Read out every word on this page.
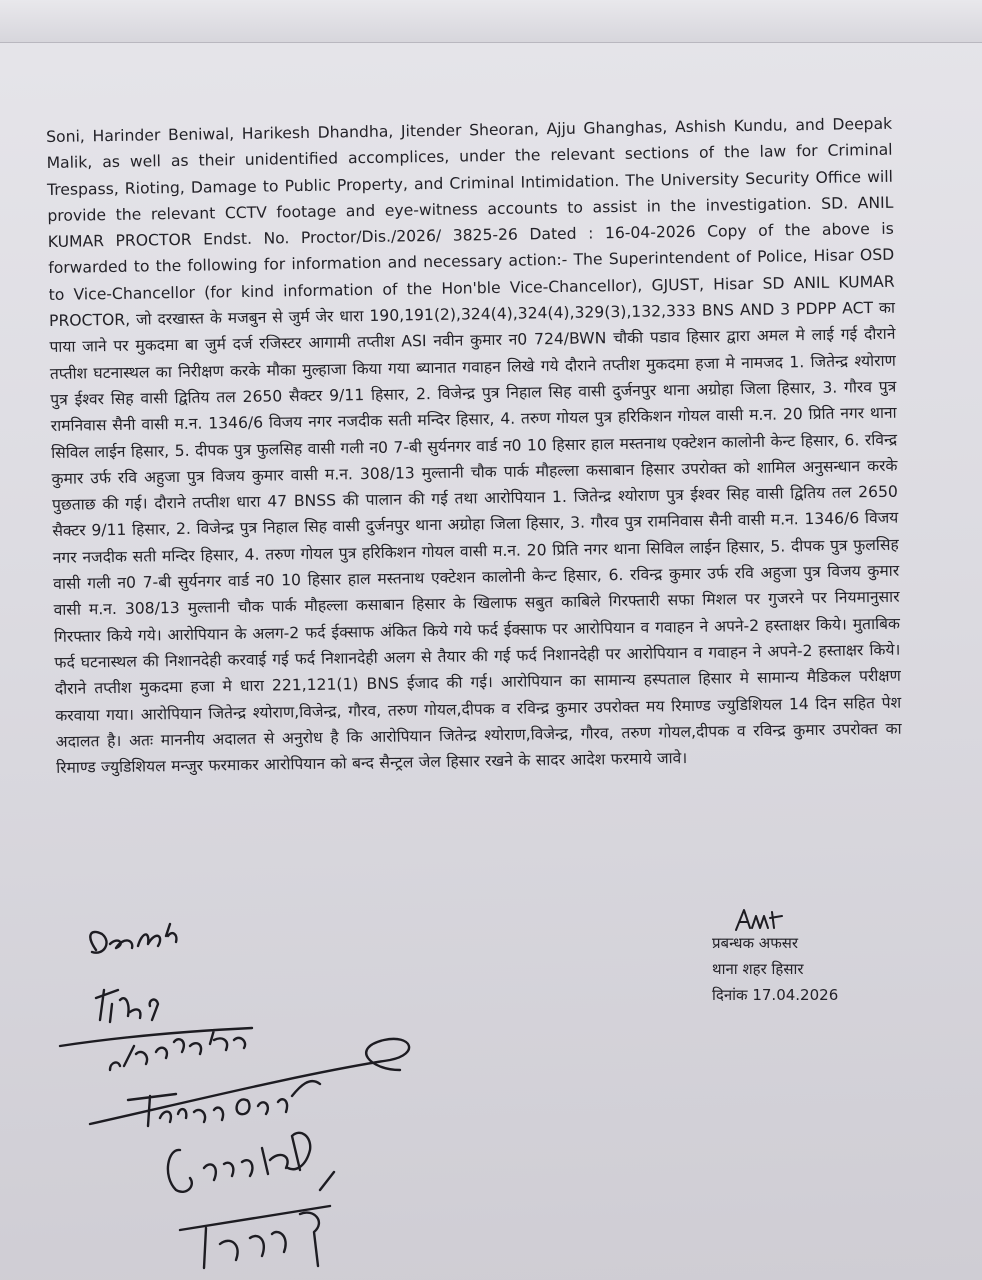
Soni, Harinder Beniwal, Harikesh Dhandha, Jitender Sheoran, Ajju Ghanghas, Ashish Kundu, and Deepak Malik, as well as their unidentified accomplices, under the relevant sections of the law for Criminal Trespass, Rioting, Damage to Public Property, and Criminal Intimidation. The University Security Office will provide the relevant CCTV footage and eye-witness accounts to assist in the investigation. SD. ANIL KUMAR PROCTOR Endst. No. Proctor/Dis./2026/ 3825-26 Dated : 16-04-2026 Copy of the above is forwarded to the following for information and necessary action:- The Superintendent of Police, Hisar OSD to Vice-Chancellor (for kind information of the Hon'ble Vice-Chancellor), GJUST, Hisar SD ANIL KUMAR PROCTOR, जो दरखास्त के मजबुन से जुर्म जेर धारा 190,191(2),324(4),324(4),329(3),132,333 BNS AND 3 PDPP ACT का पाया जाने पर मुकदमा बा जुर्म दर्ज रजिस्टर आगामी तप्तीश ASI नवीन कुमार न0 724/BWN चौकी पडाव हिसार द्वारा अमल मे लाई गई दौराने तप्तीश घटनास्थल का निरीक्षण करके मौका मुल्हाजा किया गया ब्यानात गवाहन लिखे गये दौराने तप्तीश मुकदमा हजा मे नामजद 1. जितेन्द्र श्योराण पुत्र ईश्वर सिह वासी द्वितिय तल 2650 सैक्टर 9/11 हिसार, 2. विजेन्द्र पुत्र निहाल सिह वासी दुर्जनपुर थाना अग्रोहा जिला हिसार, 3. गौरव पुत्र रामनिवास सैनी वासी म.न. 1346/6 विजय नगर नजदीक सती मन्दिर हिसार, 4. तरुण गोयल पुत्र हरिकिशन गोयल वासी म.न. 20 प्रिति नगर थाना सिविल लाईन हिसार, 5. दीपक पुत्र फुलसिह वासी गली न0 7-बी सुर्यनगर वार्ड न0 10 हिसार हाल मस्तनाथ एक्टेशन कालोनी केन्ट हिसार, 6. रविन्द्र कुमार उर्फ रवि अहुजा पुत्र विजय कुमार वासी म.न. 308/13 मुल्तानी चौक पार्क मौहल्ला कसाबान हिसार उपरोक्त को शामिल अनुसन्धान करके पुछताछ की गई। दौराने तप्तीश धारा 47 BNSS की पालान की गई तथा आरोपियान 1. जितेन्द्र श्योराण पुत्र ईश्वर सिह वासी द्वितिय तल 2650 सैक्टर 9/11 हिसार, 2. विजेन्द्र पुत्र निहाल सिह वासी दुर्जनपुर थाना अग्रोहा जिला हिसार, 3. गौरव पुत्र रामनिवास सैनी वासी म.न. 1346/6 विजय नगर नजदीक सती मन्दिर हिसार, 4. तरुण गोयल पुत्र हरिकिशन गोयल वासी म.न. 20 प्रिति नगर थाना सिविल लाईन हिसार, 5. दीपक पुत्र फुलसिह वासी गली न0 7-बी सुर्यनगर वार्ड न0 10 हिसार हाल मस्तनाथ एक्टेशन कालोनी केन्ट हिसार, 6. रविन्द्र कुमार उर्फ रवि अहुजा पुत्र विजय कुमार वासी म.न. 308/13 मुल्तानी चौक पार्क मौहल्ला कसाबान हिसार के खिलाफ सबुत काबिले गिरफ्तारी सफा मिशल पर गुजरने पर नियमानुसार गिरफ्तार किये गये। आरोपियान के अलग-2 फर्द ईक्साफ अंकित किये गये फर्द ईक्साफ पर आरोपियान व गवाहन ने अपने-2 हस्ताक्षर किये। मुताबिक फर्द घटनास्थल की निशानदेही करवाई गई फर्द निशानदेही अलग से तैयार की गई फर्द निशानदेही पर आरोपियान व गवाहन ने अपने-2 हस्ताक्षर किये। दौराने तप्तीश मुकदमा हजा मे धारा 221,121(1) BNS ईजाद की गई। आरोपियान का सामान्य हस्पताल हिसार मे सामान्य मैडिकल परीक्षण करवाया गया। आरोपियान जितेन्द्र श्योराण,विजेन्द्र, गौरव, तरुण गोयल,दीपक व रविन्द्र कुमार उपरोक्त मय रिमाण्ड ज्युडिशियल 14 दिन सहित पेश अदालत है। अतः माननीय अदालत से अनुरोध है कि आरोपियान जितेन्द्र श्योराण,विजेन्द्र, गौरव, तरुण गोयल,दीपक व रविन्द्र कुमार उपरोक्त का रिमाण्ड ज्युडिशियल मन्जुर फरमाकर आरोपियान को बन्द सैन्ट्रल जेल हिसार रखने के सादर आदेश फरमाये जावे।

प्रबन्धक अफसर
थाना शहर हिसार
दिनांक 17.04.2026
